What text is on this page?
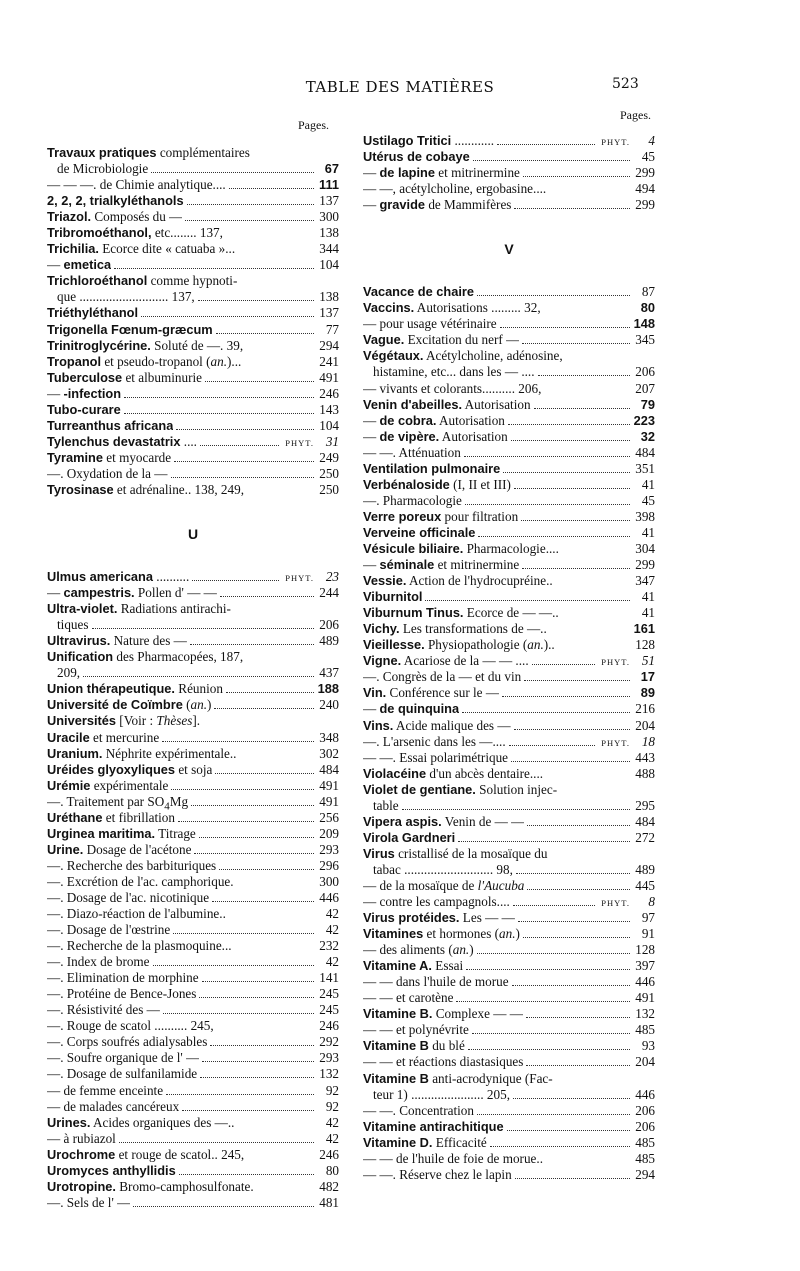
TABLE DES MATIÈRES	523
Pages.
Pages.
Travaux pratiques complémentaires
de Microbiologie	67
— — —. de Chimie analytique....	111
2, 2, 2, trialkyléthanols	137
Triazol. Composés du —	300
Tribromoéthanol, etc........ 137,	138
Trichilia. Ecorce dite « catuaba »...	344
— emetica	104
Trichloroéthanol comme hypnoti-
que ........................... 137,	138
Triéthyléthanol	137
Trigonella Fœnum-græcum	77
Trinitroglycérine. Soluté de —. 39,	294
Tropanol et pseudo-tropanol (an.)...	241
Tuberculose et albuminurie	491
— -infection	246
Tubo-curare	143
Turreanthus africana	104
Tylenchus devastatrix ....	PHYT. 31
Tyramine et myocarde	249
—. Oxydation de la —	250
Tyrosinase et adrénaline.. 138, 249,	250
U
Ulmus americana ..........	PHYT. 23
— campestris. Pollen d' — —	244
Ultra-violet. Radiations antirachi-
tiques	206
Ultravirus. Nature des —	489
Unification des Pharmacopées, 187,
209,	437
Union thérapeutique. Réunion	188
Université de Coïmbre (an.)	240
Universités [Voir : Thèses].
Uracile et mercurine	348
Uranium. Néphrite expérimentale..	302
Uréides glyoxyliques et soja	484
Urémie expérimentale	491
—. Traitement par $SO_4Mg$	491
Uréthane et fibrillation	256
Urginea maritima. Titrage	209
Urine. Dosage de l'acétone	293
—. Recherche des barbituriques	296
—. Excrétion de l'ac. camphorique.	300
—. Dosage de l'ac. nicotinique	446
—. Diazo-réaction de l'albumine..	42
—. Dosage de l'œstrine	42
—. Recherche de la plasmoquine...	232
—. Index de brome	42
—. Elimination de morphine	141
—. Protéine de Bence-Jones	245
—. Résistivité des —	245
—. Rouge de scatol .......... 245,	246
—. Corps soufrés adialysables	292
—. Soufre organique de l' —	293
—. Dosage de sulfanilamide	132
— de femme enceinte	92
— de malades cancéreux	92
Urines. Acides organiques des —..	42
— à rubiazol	42
Urochrome et rouge de scatol.. 245,	246
Uromyces anthyllidis	80
Urotropine. Bromo-camphosulfonate.	482
—. Sels de l' —	481
Ustilago Tritici ............	PHYT.	4
Utérus de cobaye	45
— de lapine et mitrinermine	299
— —, acétylcholine, ergobasine....	494
— gravide de Mammifères	299
V
Vacance de chaire	87
Vaccins. Autorisations ......... 32,	80
— pour usage vétérinaire	148
Vague. Excitation du nerf —	345
Végétaux. Acétylcholine, adénosine,
histamine, etc... dans les — ....	206
— vivants et colorants.......... 206,	207
Venin d'abeilles. Autorisation	79
— de cobra. Autorisation	223
— de vipère. Autorisation	32
— —. Atténuation	484
Ventilation pulmonaire	351
Verbénaloside (I, II et III)	41
—. Pharmacologie	45
Verre poreux pour filtration	398
Verveine officinale	41
Vésicule biliaire. Pharmacologie....	304
— séminale et mitrinermine	299
Vessie. Action de l'hydrocupréine..	347
Viburnitol	41
Viburnum Tinus. Ecorce de — —..	41
Vichy. Les transformations de —..	161
Vieillesse. Physiopathologie (an.)..	128
Vigne. Acariose de la — — ....	PHYT. 51
—. Congrès de la — et du vin	17
Vin. Conférence sur le —	89
— de quinquina	216
Vins. Acide malique des —	204
—. L'arsenic dans les —....	PHYT. 18
— —. Essai polarimétrique	443
Violacéine d'un abcès dentaire....	488
Violet de gentiane. Solution injec-
table	295
Vipera aspis. Venin de — —	484
Virola Gardneri	272
Virus cristallisé de la mosaïque du
tabac ........................... 98,	489
— de la mosaïque de l'Aucuba	445
— contre les campagnols....	PHYT.	8
Virus protéides. Les — —	97
Vitamines et hormones (an.)	91
— des aliments (an.)	128
Vitamine A. Essai	397
— — dans l'huile de morue	446
— — et carotène	491
Vitamine B. Complexe — —	132
— — et polynévrite	485
Vitamine B du blé	93
— — et réactions diastasiques	204
Vitamine B anti-acrodynique (Fac-
teur 1) ...................... 205,	446
— —. Concentration	206
Vitamine antirachitique	206
Vitamine D. Efficacité	485
— — de l'huile de foie de morue..	485
— —. Réserve chez le lapin	294
